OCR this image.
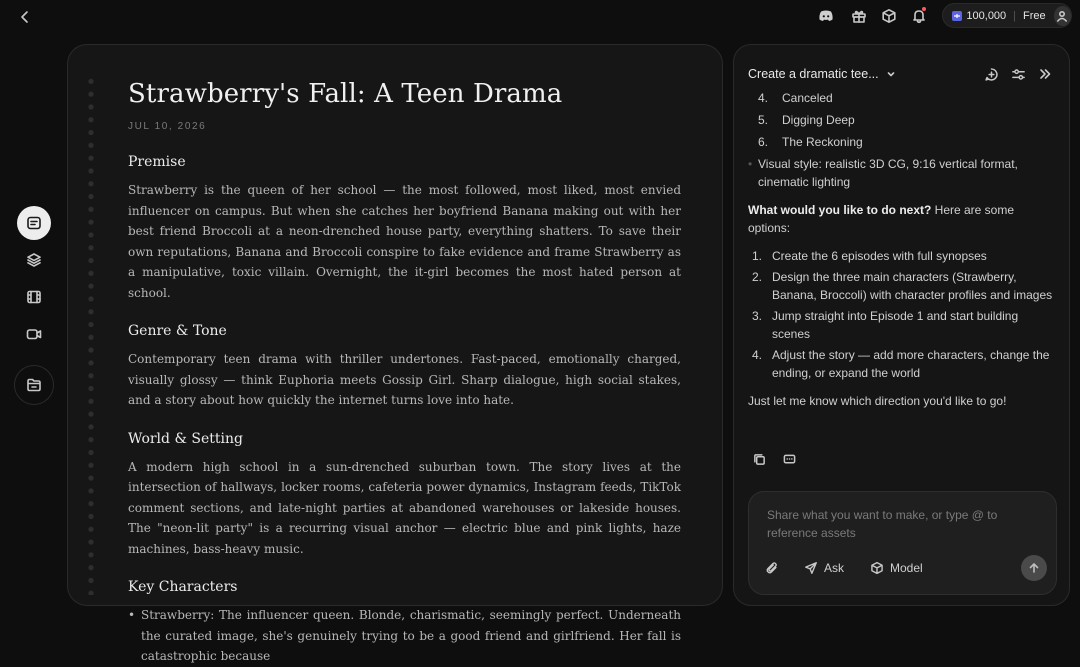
100,000 | Free
Strawberry's Fall: A Teen Drama
JUL 10, 2026
Premise
Strawberry is the queen of her school — the most followed, most liked, most envied influencer on campus. But when she catches her boyfriend Banana making out with her best friend Broccoli at a neon-drenched house party, everything shatters. To save their own reputations, Banana and Broccoli conspire to fake evidence and frame Strawberry as a manipulative, toxic villain. Overnight, the it-girl becomes the most hated person at school.
Genre & Tone
Contemporary teen drama with thriller undertones. Fast-paced, emotionally charged, visually glossy — think Euphoria meets Gossip Girl. Sharp dialogue, high social stakes, and a story about how quickly the internet turns love into hate.
World & Setting
A modern high school in a sun-drenched suburban town. The story lives at the intersection of hallways, locker rooms, cafeteria power dynamics, Instagram feeds, TikTok comment sections, and late-night parties at abandoned warehouses or lakeside houses. The "neon-lit party" is a recurring visual anchor — electric blue and pink lights, haze machines, bass-heavy music.
Key Characters
• Strawberry: The influencer queen. Blonde, charismatic, seemingly perfect. Underneath the curated image, she's genuinely trying to be a good friend and girlfriend. Her fall is catastrophic because
Create a dramatic tee...
4.	Canceled
5.	Digging Deep
6.	The Reckoning
• Visual style: realistic 3D CG, 9:16 vertical format, cinematic lighting
What would you like to do next? Here are some options:
1. Create the 6 episodes with full synopses
2. Design the three main characters (Strawberry, Banana, Broccoli) with character profiles and images
3. Jump straight into Episode 1 and start building scenes
4. Adjust the story — add more characters, change the ending, or expand the world
Just let me know which direction you'd like to go!
Share what you want to make, or type @ to reference assets
Ask	Model
